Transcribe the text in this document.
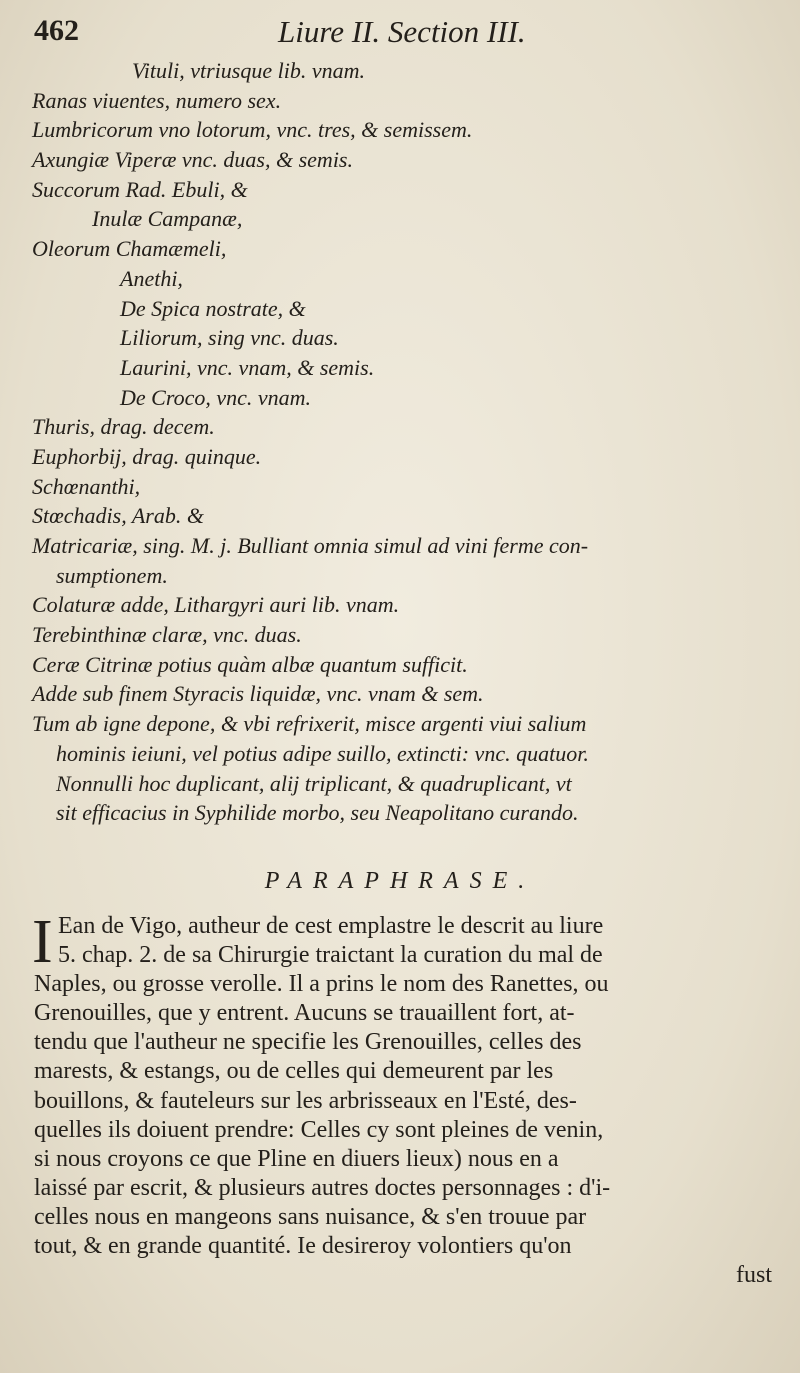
462	Liure II. Section III.
Vituli, vtriusque lib. vnam.
Ranas viuentes, numero sex.
Lumbricorum vno lotorum, vnc. tres, & semissem.
Axungiæ Viperæ vnc. duas, & semis.
Succorum Rad. Ebuli, &
Inulæ Campanæ,
Oleorum Chamæmeli,
Anethi,
De Spica nostrate, &
Liliorum, sing vnc. duas.
Laurini, vnc. vnam, & semis.
De Croco, vnc. vnam.
Thuris, drag. decem.
Euphorbij, drag. quinque.
Schœnanthi,
Stœchadis, Arab. &
Matricariæ, sing. M. j. Bulliant omnia simul ad vini ferme con-
sumptionem.
Colaturæ adde, Lithargyri auri lib. vnam.
Terebinthinæ claræ, vnc. duas.
Ceræ Citrinæ potius quàm albæ quantum sufficit.
Adde sub finem Styracis liquidæ, vnc. vnam & sem.
Tum ab igne depone, & vbi refrixerit, misce argenti viui salium
hominis ieiuni, vel potius adipe suillo, extincti: vnc. quatuor.
Nonnulli hoc duplicant, alij triplicant, & quadruplicant, vt
sit efficacius in Syphilide morbo, seu Neapolitano curando.
PARAPHRASE.
I Ean de Vigo, autheur de cest emplastre le descrit au liure
5. chap. 2. de sa Chirurgie traictant la curation du mal de
Naples, ou grosse verolle. Il a prins le nom des Ranettes, ou
Grenouilles, que y entrent. Aucuns se trauaillent fort, at-
tendu que l'autheur ne specifie les Grenouilles, celles des
marests, & estangs, ou de celles qui demeurent par les
bouillons, & fauteleurs sur les arbrisseaux en l'Esté, des-
quelles ils doiuent prendre: Celles cy sont pleines de venin,
si nous croyons ce que Pline en diuers lieux) nous en a
laissé par escrit, & plusieurs autres doctes personnages : d'i-
celles nous en mangeons sans nuisance, & s'en trouue par
tout, & en grande quantité. Ie desireroy volontiers qu'on
fust
